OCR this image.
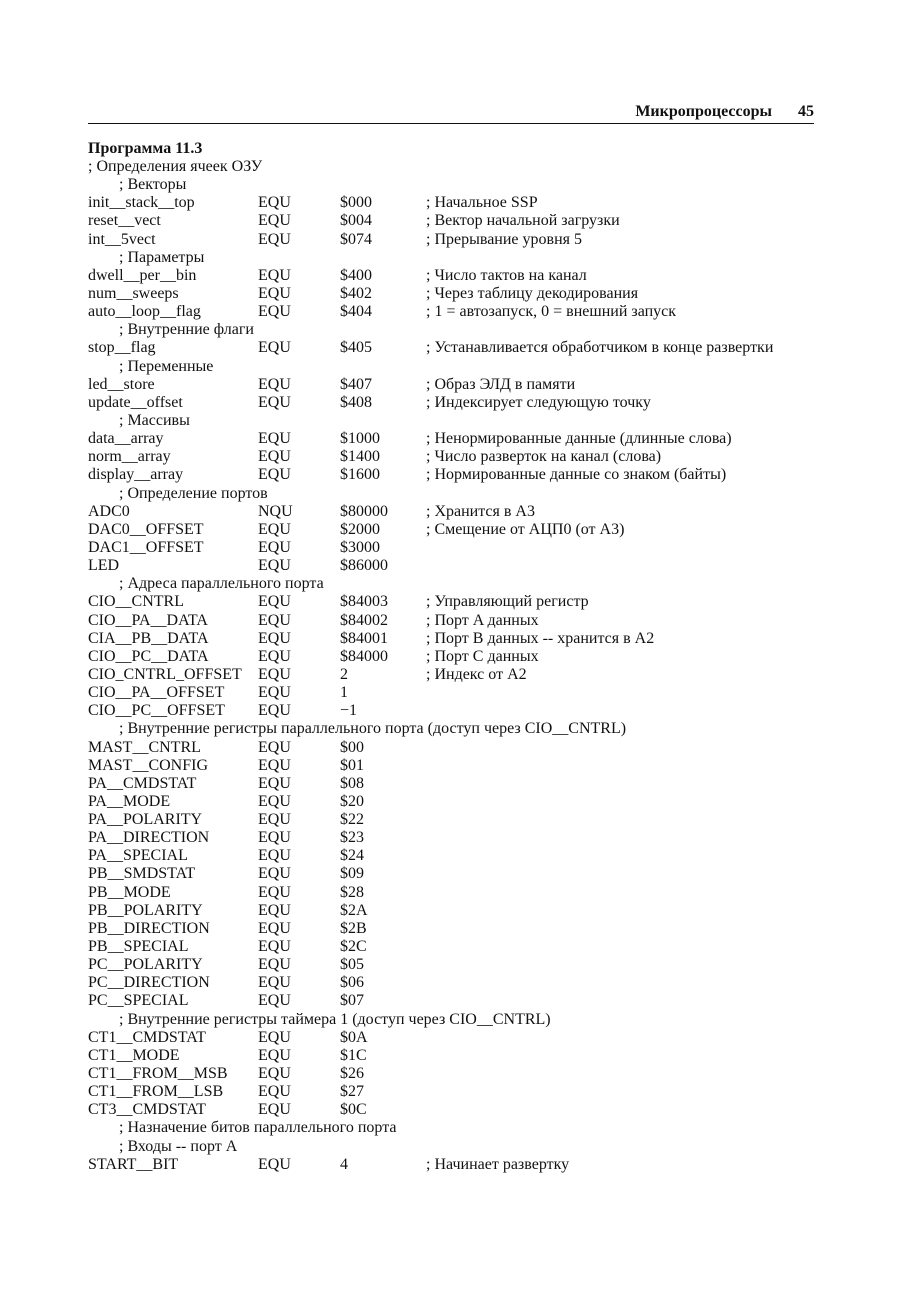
Микропроцессоры 45
Программа 11.3
; Определения ячеек ОЗУ
; Векторы
init__stack__top	EQU	$000	; Начальное SSP
reset__vect	EQU	$004	; Вектор начальной загрузки
int__5vect	EQU	$074	; Прерывание уровня 5
; Параметры
dwell__per__bin	EQU	$400	; Число тактов на канал
num__sweeps	EQU	$402	; Через таблицу декодирования
auto__loop__flag	EQU	$404	; 1 = автозапуск, 0 = внешний запуск
; Внутренние флаги
stop__flag	EQU	$405	; Устанавливается обработчиком в конце развертки
; Переменные
led__store	EQU	$407	; Образ ЭЛД в памяти
update__offset	EQU	$408	; Индексирует следующую точку
; Массивы
data__array	EQU	$1000	; Ненормированные данные (длинные слова)
norm__array	EQU	$1400	; Число разверток на канал (слова)
display__array	EQU	$1600	; Нормированные данные со знаком (байты)
; Определение портов
ADC0	NQU	$80000 ; Хранится в A3
DAC0__OFFSET	EQU	$2000	; Смещение от АЦП0 (от A3)
DAC1__OFFSET	EQU	$3000
LED	EQU	$86000
; Адреса параллельного порта
CIO__CNTRL	EQU	$84003 ; Управляющий регистр
CIO__PA__DATA	EQU	$84002 ; Порт A данных
CIA__PB__DATA	EQU	$84001 ; Порт B данных -- хранится в A2
CIO__PC__DATA	EQU	$84000 ; Порт C данных
CIO_CNTRL_OFFSET EQU	2	; Индекс от A2
CIO__PA__OFFSET EQU	1
CIO__PC__OFFSET EQU	−1
; Внутренние регистры параллельного порта (доступ через CIO__CNTRL)
MAST__CNTRL	EQU	$00
MAST__CONFIG	EQU	$01
PA__CMDSTAT	EQU	$08
PA__MODE	EQU	$20
PA__POLARITY	EQU	$22
PA__DIRECTION	EQU	$23
PA__SPECIAL	EQU	$24
PB__SMDSTAT	EQU	$09
PB__MODE	EQU	$28
PB__POLARITY	EQU	$2A
PB__DIRECTION	EQU	$2B
PB__SPECIAL	EQU	$2C
PC__POLARITY	EQU	$05
PC__DIRECTION	EQU	$06
PC__SPECIAL	EQU	$07
; Внутренние регистры таймера 1 (доступ через CIO__CNTRL)
CT1__CMDSTAT	EQU	$0A
CT1__MODE	EQU	$1C
CT1__FROM__MSB EQU	$26
CT1__FROM__LSB EQU	$27
CT3__CMDSTAT	EQU	$0C
; Назначение битов параллельного порта
; Входы -- порт A
START__BIT	EQU	4	; Начинает развертку
